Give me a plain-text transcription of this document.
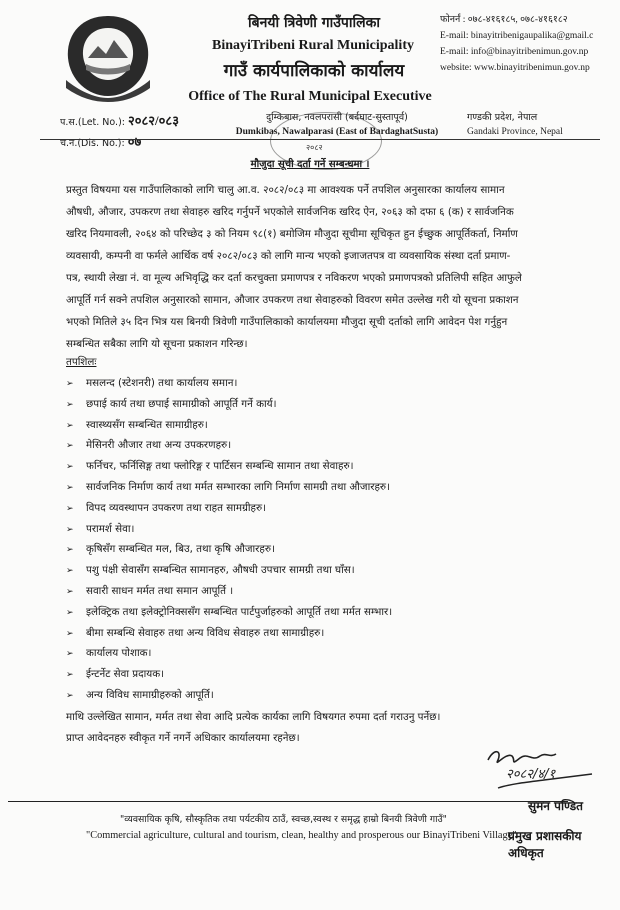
बिनयी त्रिवेणी गाउँपालिका
BinayiTribeni Rural Municipality
गाउँ कार्यपालिकाको कार्यालय
Office of The Rural Municipal Executive
फोनर्नं : ०७८-४१६१८५, ०७८-४१६१८२
E-mail: binayitribenigaupalika@gmail.c
E-mail: info@binayitribenimun.gov.np
website: www.binayitribenimun.gov.np
प.स.(Let. No.): २०८२/०८३
च.न.(Dis. No.): ०७
दुम्किबास, नवलपरासी (बर्दघाट-सुस्तापूर्व)
Dumkibas, Nawalparasi (East of BardaghatSusta)
गण्डकी प्रदेश, नेपाल
Gandaki Province, Nepal
२०८२
मौजुदा सूची दर्ता गर्ने सम्बन्धमा ।
प्रस्तुत विषयमा यस गाउँपालिकाको लागि चालु आ.व. २०८२/०८३ मा आवश्यक पर्ने तपशिल अनुसारका कार्यालय सामान
औषधी, औजार, उपकरण तथा सेवाहरु खरिद गर्नुपर्ने भएकोले सार्वजनिक खरिद ऐन, २०६३ को दफा ६ (क) र सार्वजनिक
खरिद नियमावली, २०६४ को परिच्छेद ३ को नियम ९८(१) बमोजिम मौजुदा सूचीमा सूचिकृत हुन ईच्छुक आपूर्तिकर्ता, निर्माण
व्यवसायी, कम्पनी वा फर्मले आर्थिक वर्ष २०८२/०८३ को लागि मान्य भएको इजाजतपत्र वा व्यवसायिक संस्था दर्ता प्रमाण-
पत्र, स्थायी लेखा नं. वा मूल्य अभिवृद्धि कर दर्ता करचुक्ता प्रमाणपत्र र नविकरण भएको प्रमाणपत्रको प्रतिलिपी सहित आफुले
आपूर्ति गर्न सक्ने तपशिल अनुसारको सामान, औजार उपकरण तथा सेवाहरुको विवरण समेत उल्लेख गरी यो सूचना प्रकाशन
भएको मितिले ३५ दिन भित्र यस बिनयी त्रिवेणी गाउँपालिकाको कार्यालयमा मौजुदा सूची दर्ताको लागि आवेदन पेश गर्नुहुन
सम्बन्धित सबैका लागि यो सूचना प्रकाशन गरिन्छ।
तपशिलः
➢ मसलन्द (स्टेशनरी) तथा कार्यालय समान।
➢ छपाई कार्य तथा छपाई सामाग्रीको आपूर्ति गर्ने कार्य।
➢ स्वास्थ्यसँग सम्बन्धित सामाग्रीहरु।
➢ मेसिनरी औजार तथा अन्य उपकरणहरु।
➢ फर्निचर, फर्निसिङ्ग तथा फ्लोरिङ्ग र पार्टिसन सम्बन्धि सामान तथा सेवाहरु।
➢ सार्वजनिक निर्माण कार्य तथा मर्मत सम्भारका लागि निर्माण सामग्री तथा औजारहरु।
➢ विपद व्यवस्थापन उपकरण तथा राहत सामग्रीहरु।
➢ परामर्श सेवा।
➢ कृषिसँग सम्बन्धित मल, बिउ, तथा कृषि औजारहरु।
➢ पशु पंक्षी सेवासँग सम्बन्धित सामानहरु, औषधी उपचार सामग्री तथा घाँस।
➢ सवारी साधन मर्मत तथा समान आपूर्ति ।
➢ इलेक्ट्रिक तथा इलेक्ट्रोनिक्ससँग सम्बन्धित पार्टपुर्जाहरुको आपूर्ति तथा मर्मत सम्भार।
➢ बीमा सम्बन्धि सेवाहरु तथा अन्य विविध सेवाहरु तथा सामाग्रीहरु।
➢ कार्यालय पोशाक।
➢ ईन्टर्नेट सेवा प्रदायक।
➢ अन्य विविध सामाग्रीहरुको आपूर्ति।
माथि उल्लेखित सामान, मर्मत तथा सेवा आदि प्रत्येक कार्यका लागि विषयगत रुपमा दर्ता गराउनु पर्नेछ।
प्राप्त आवेदनहरु स्वीकृत गर्ने नगर्ने अधिकार कार्यालयमा रहनेछ।
२०८२/४/१
सुमन पण्डित
"व्यवसायिक कृषि, सौस्कृतिक तथा पर्यटकीय ठाउँ, स्वच्छ,स्वस्थ र समृद्ध हाम्रो बिनयी त्रिवेणी गाउँ"
"Commercial agriculture, cultural and tourism, clean, healthy and prosperous our BinayiTribeni Village"
प्रमुख प्रशासकीय अधिकृत
